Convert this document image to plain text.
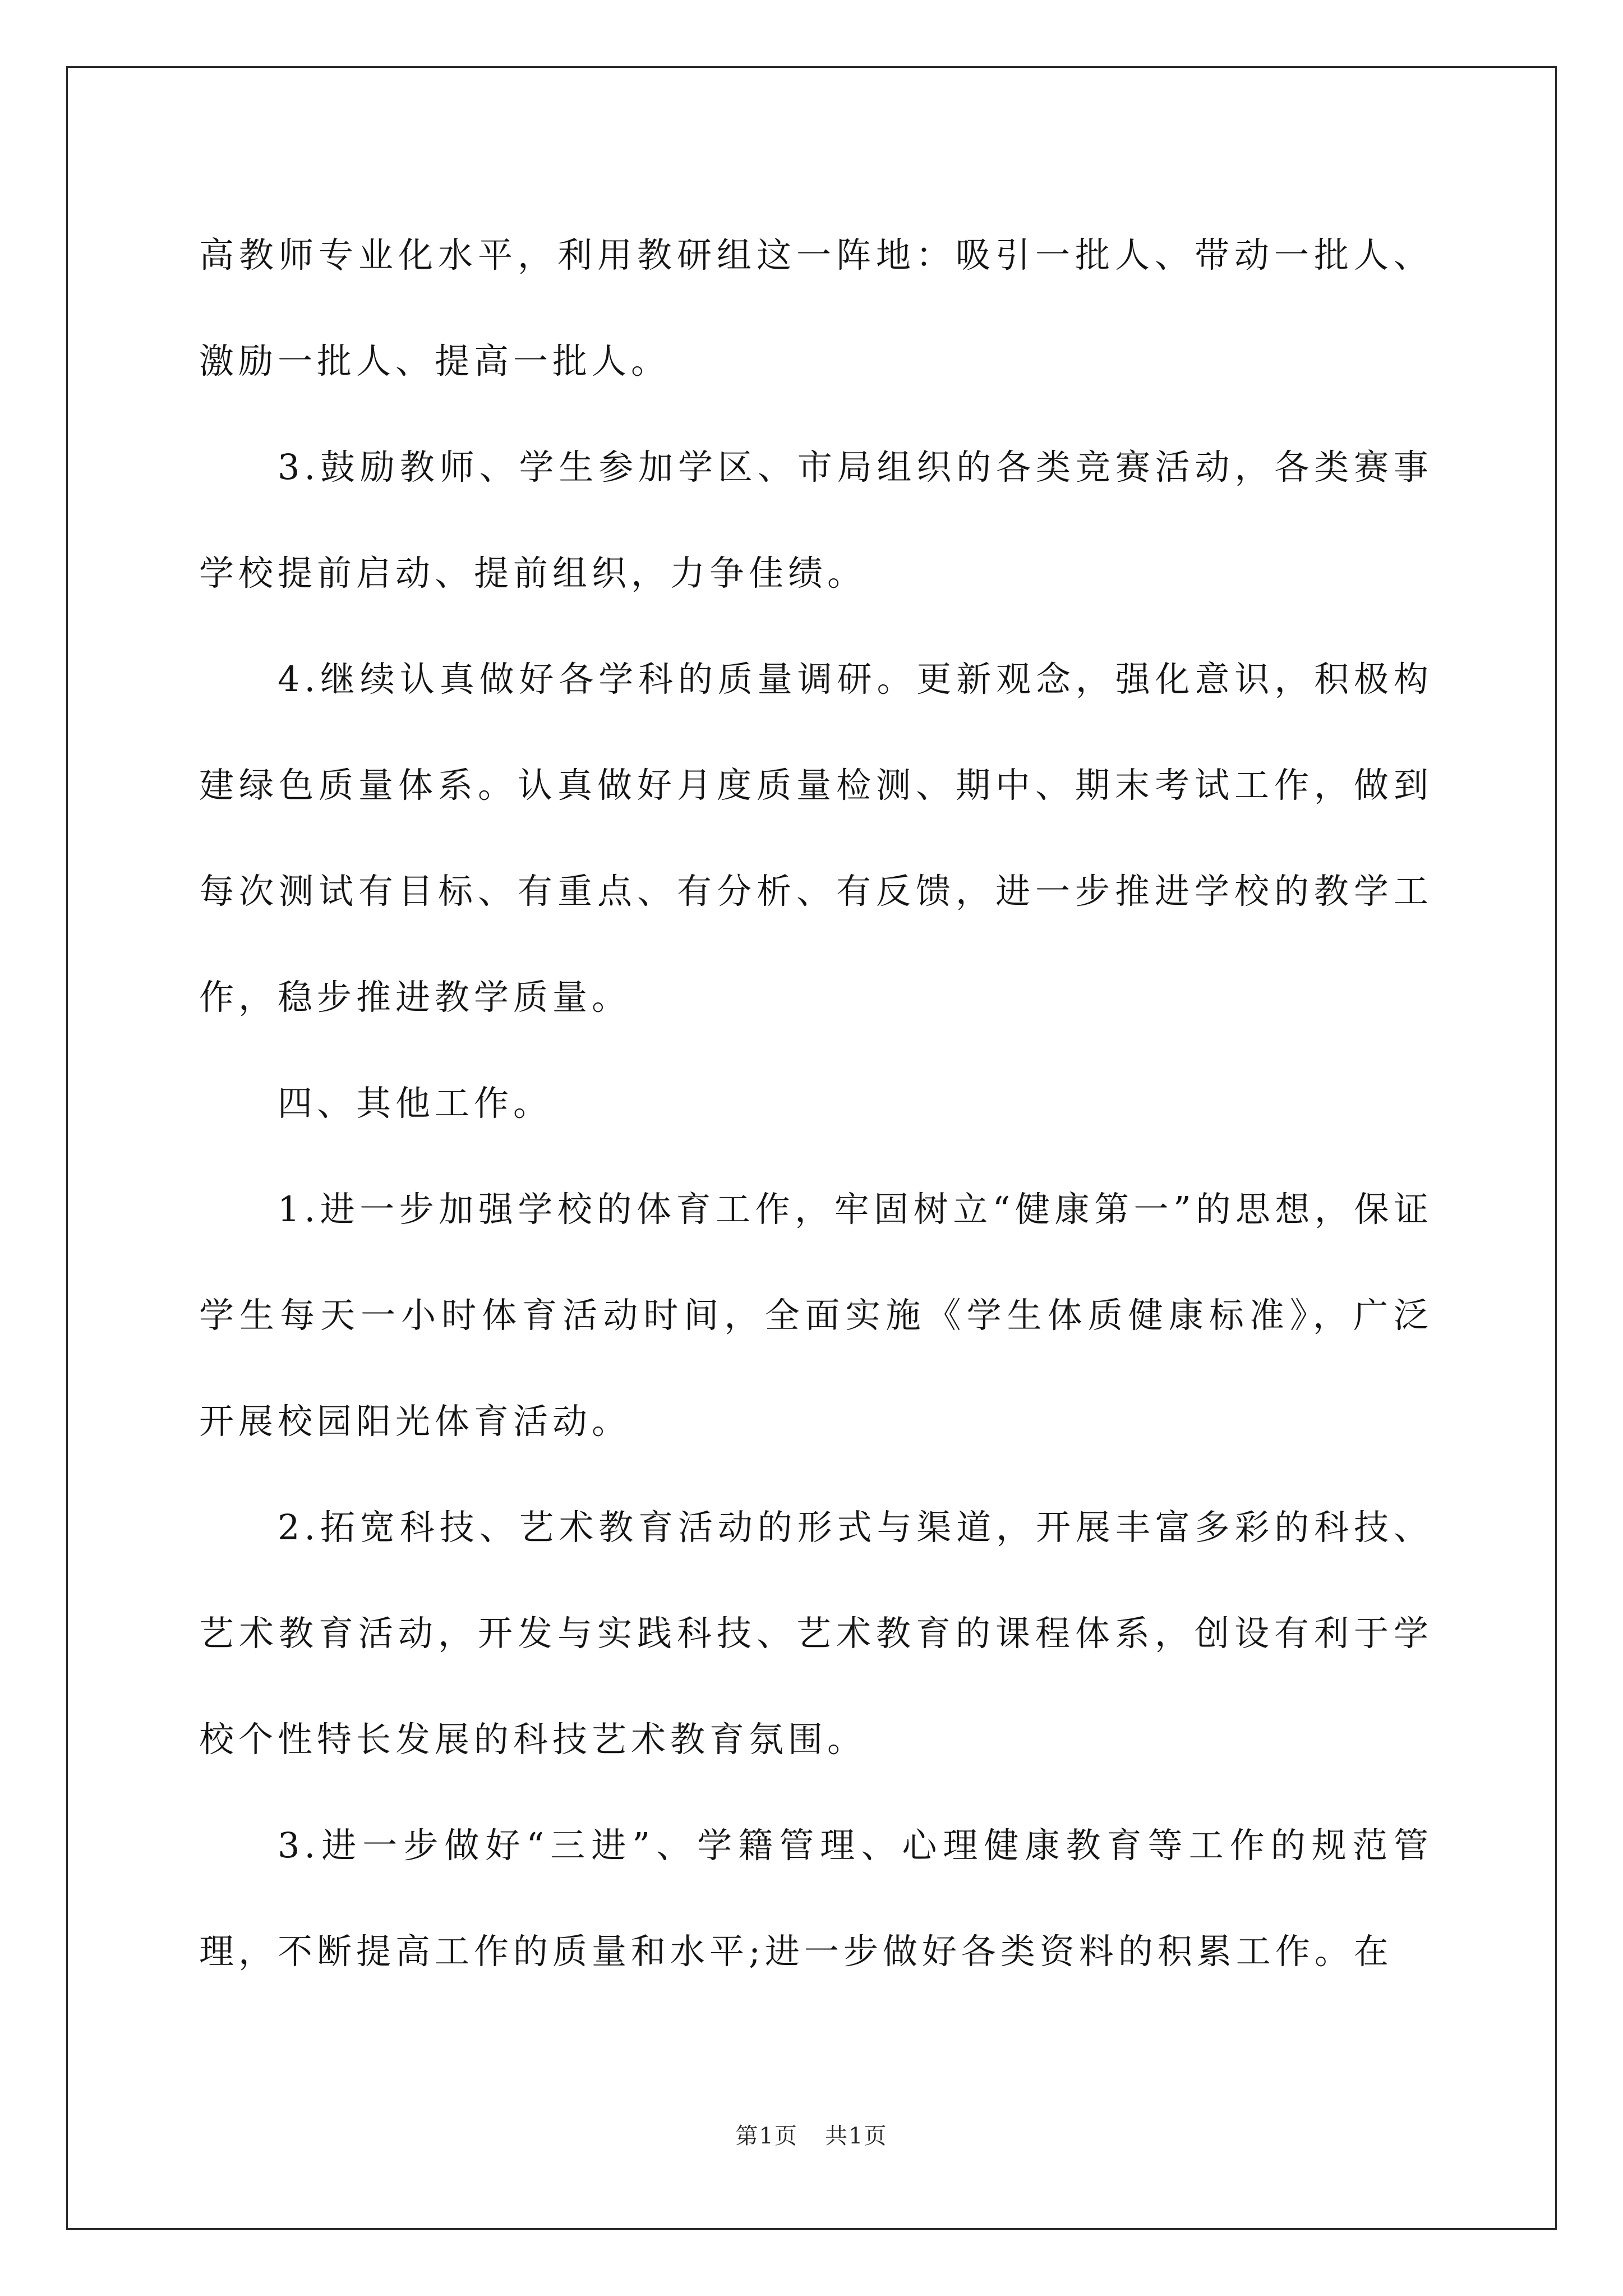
高教师专业化水平，利用教研组这一阵地：吸引一批人、带动一批人、激励一批人、提高一批人。

3.鼓励教师、学生参加学区、市局组织的各类竞赛活动，各类赛事学校提前启动、提前组织，力争佳绩。

4.继续认真做好各学科的质量调研。更新观念，强化意识，积极构建绿色质量体系。认真做好月度质量检测、期中、期末考试工作，做到每次测试有目标、有重点、有分析、有反馈，进一步推进学校的教学工作，稳步推进教学质量。

四、其他工作。

1.进一步加强学校的体育工作，牢固树立“健康第一”的思想，保证学生每天一小时体育活动时间，全面实施《学生体质健康标准》，广泛开展校园阳光体育活动。

2.拓宽科技、艺术教育活动的形式与渠道，开展丰富多彩的科技、艺术教育活动，开发与实践科技、艺术教育的课程体系，创设有利于学校个性特长发展的科技艺术教育氛围。

3.进一步做好“三进”、学籍管理、心理健康教育等工作的规范管理，不断提高工作的质量和水平;进一步做好各类资料的积累工作。在

第1页 共1页
